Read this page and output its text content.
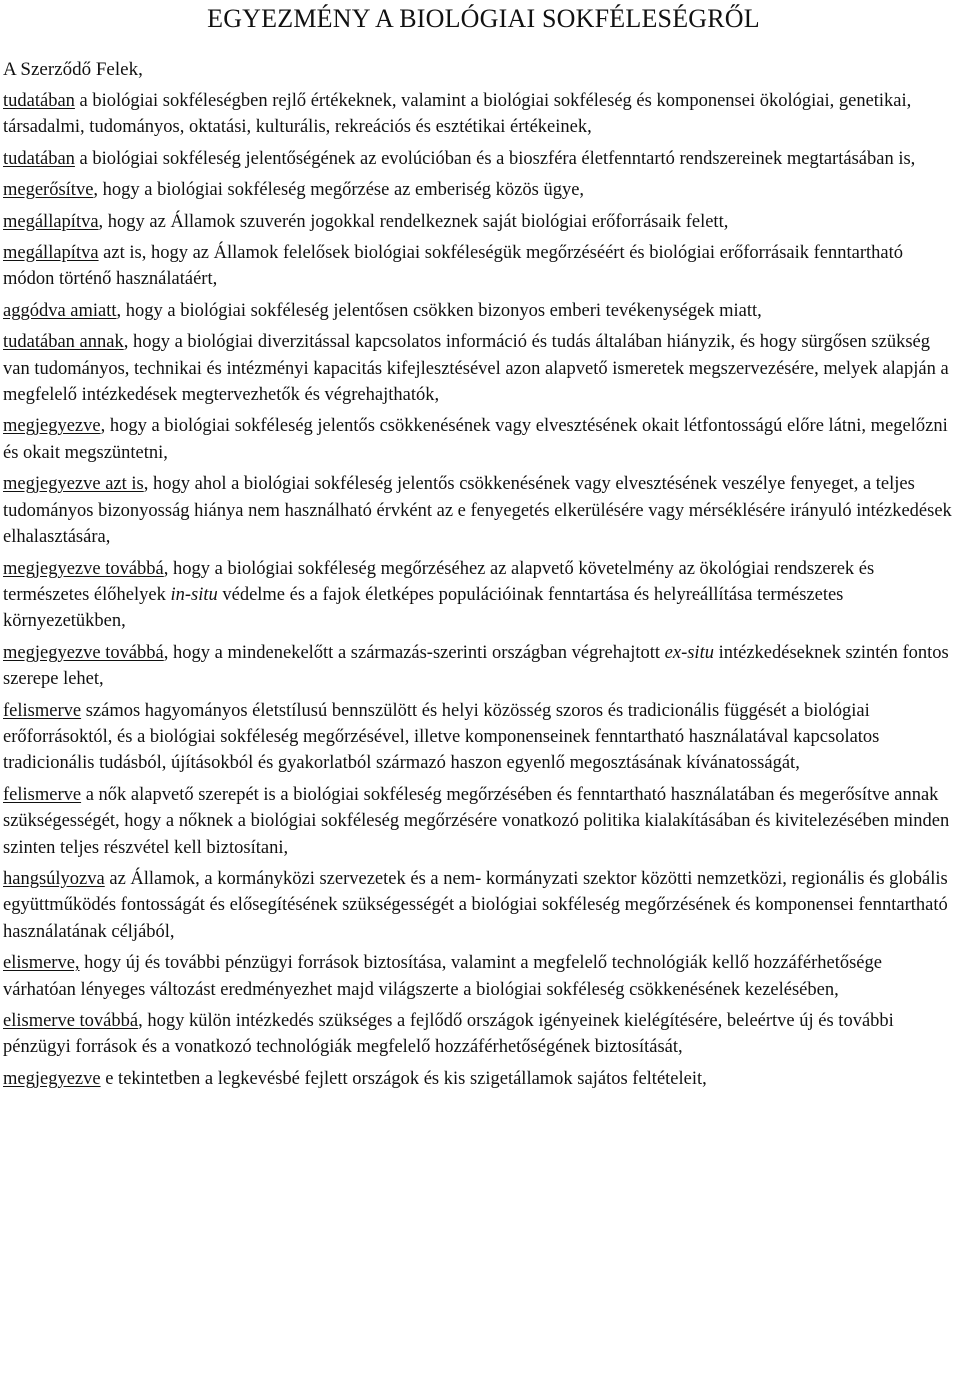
EGYEZMÉNY A BIOLÓGIAI SOKFÉLESÉGRŐL

A Szerződő Felek,

tudatában a biológiai sokféleségben rejlő értékeknek, valamint a biológiai sokféleség és komponensei ökológiai, genetikai, társadalmi, tudományos, oktatási, kulturális, rekreációs és esztétikai értékeinek,

tudatában a biológiai sokféleség jelentőségének az evolúcióban és a bioszféra életfenntartó rendszereinek megtartásában is,

megerősítve, hogy a biológiai sokféleség megőrzése az emberiség közös ügye,

megállapítva, hogy az Államok szuverén jogokkal rendelkeznek saját biológiai erőforrásaik felett,

megállapítva azt is, hogy az Államok felelősek biológiai sokféleségük megőrzéséért és biológiai erőforrásaik fenntartható módon történő használatáért,

aggódva amiatt, hogy a biológiai sokféleség jelentősen csökken bizonyos emberi tevékenységek miatt,

tudatában annak, hogy a biológiai diverzitással kapcsolatos információ és tudás általában hiányzik, és hogy sürgősen szükség van tudományos, technikai és intézményi kapacitás kifejlesztésével azon alapvető ismeretek megszervezésére, melyek alapján a megfelelő intézkedések megtervezhetők és végrehajthatók,

megjegyezve, hogy a biológiai sokféleség jelentős csökkenésének vagy elvesztésének okait létfontosságú előre látni, megelőzni és okait megszüntetni,

megjegyezve azt is, hogy ahol a biológiai sokféleség jelentős csökkenésének vagy elvesztésének veszélye fenyeget, a teljes tudományos bizonyosság hiánya nem használható érvként az e fenyegetés elkerülésére vagy mérséklésére irányuló intézkedések elhalasztására,

megjegyezve továbbá, hogy a biológiai sokféleség megőrzéséhez az alapvető követelmény az ökológiai rendszerek és természetes élőhelyek in-situ védelme és a fajok életképes populációinak fenntartása és helyreállítása természetes környezetükben,

megjegyezve továbbá, hogy a mindenekelőtt a származás-szerinti országban végrehajtott ex-situ intézkedéseknek szintén fontos szerepe lehet,

felismerve számos hagyományos életstílusú bennszülött és helyi közösség szoros és tradicionális függését a biológiai erőforrásoktól, és a biológiai sokféleség megőrzésével, illetve komponenseinek fenntartható használatával kapcsolatos tradicionális tudásból, újításokból és gyakorlatból származó haszon egyenlő megosztásának kívánatosságát,

felismerve a nők alapvető szerepét is a biológiai sokféleség megőrzésében és fenntartható használatában és megerősítve annak szükségességét, hogy a nőknek a biológiai sokféleség megőrzésére vonatkozó politika kialakításában és kivitelezésében minden szinten teljes részvétel kell biztosítani,

hangsúlyozva az Államok, a kormányközi szervezetek és a nem- kormányzati szektor közötti nemzetközi, regionális és globális együttműködés fontosságát és elősegítésének szükségességét a biológiai sokféleség megőrzésének és komponensei fenntartható használatának céljából,

elismerve, hogy új és további pénzügyi források biztosítása, valamint a megfelelő technológiák kellő hozzáférhetősége várhatóan lényeges változást eredményezhet majd világszerte a biológiai sokféleség csökkenésének kezelésében,

elismerve továbbá, hogy külön intézkedés szükséges a fejlődő országok igényeinek kielégítésére, beleértve új és további pénzügyi források és a vonatkozó technológiák megfelelő hozzáférhetőségének biztosítását,

megjegyezve e tekintetben a legkevésbé fejlett országok és kis szigetállamok sajátos feltételeit,
